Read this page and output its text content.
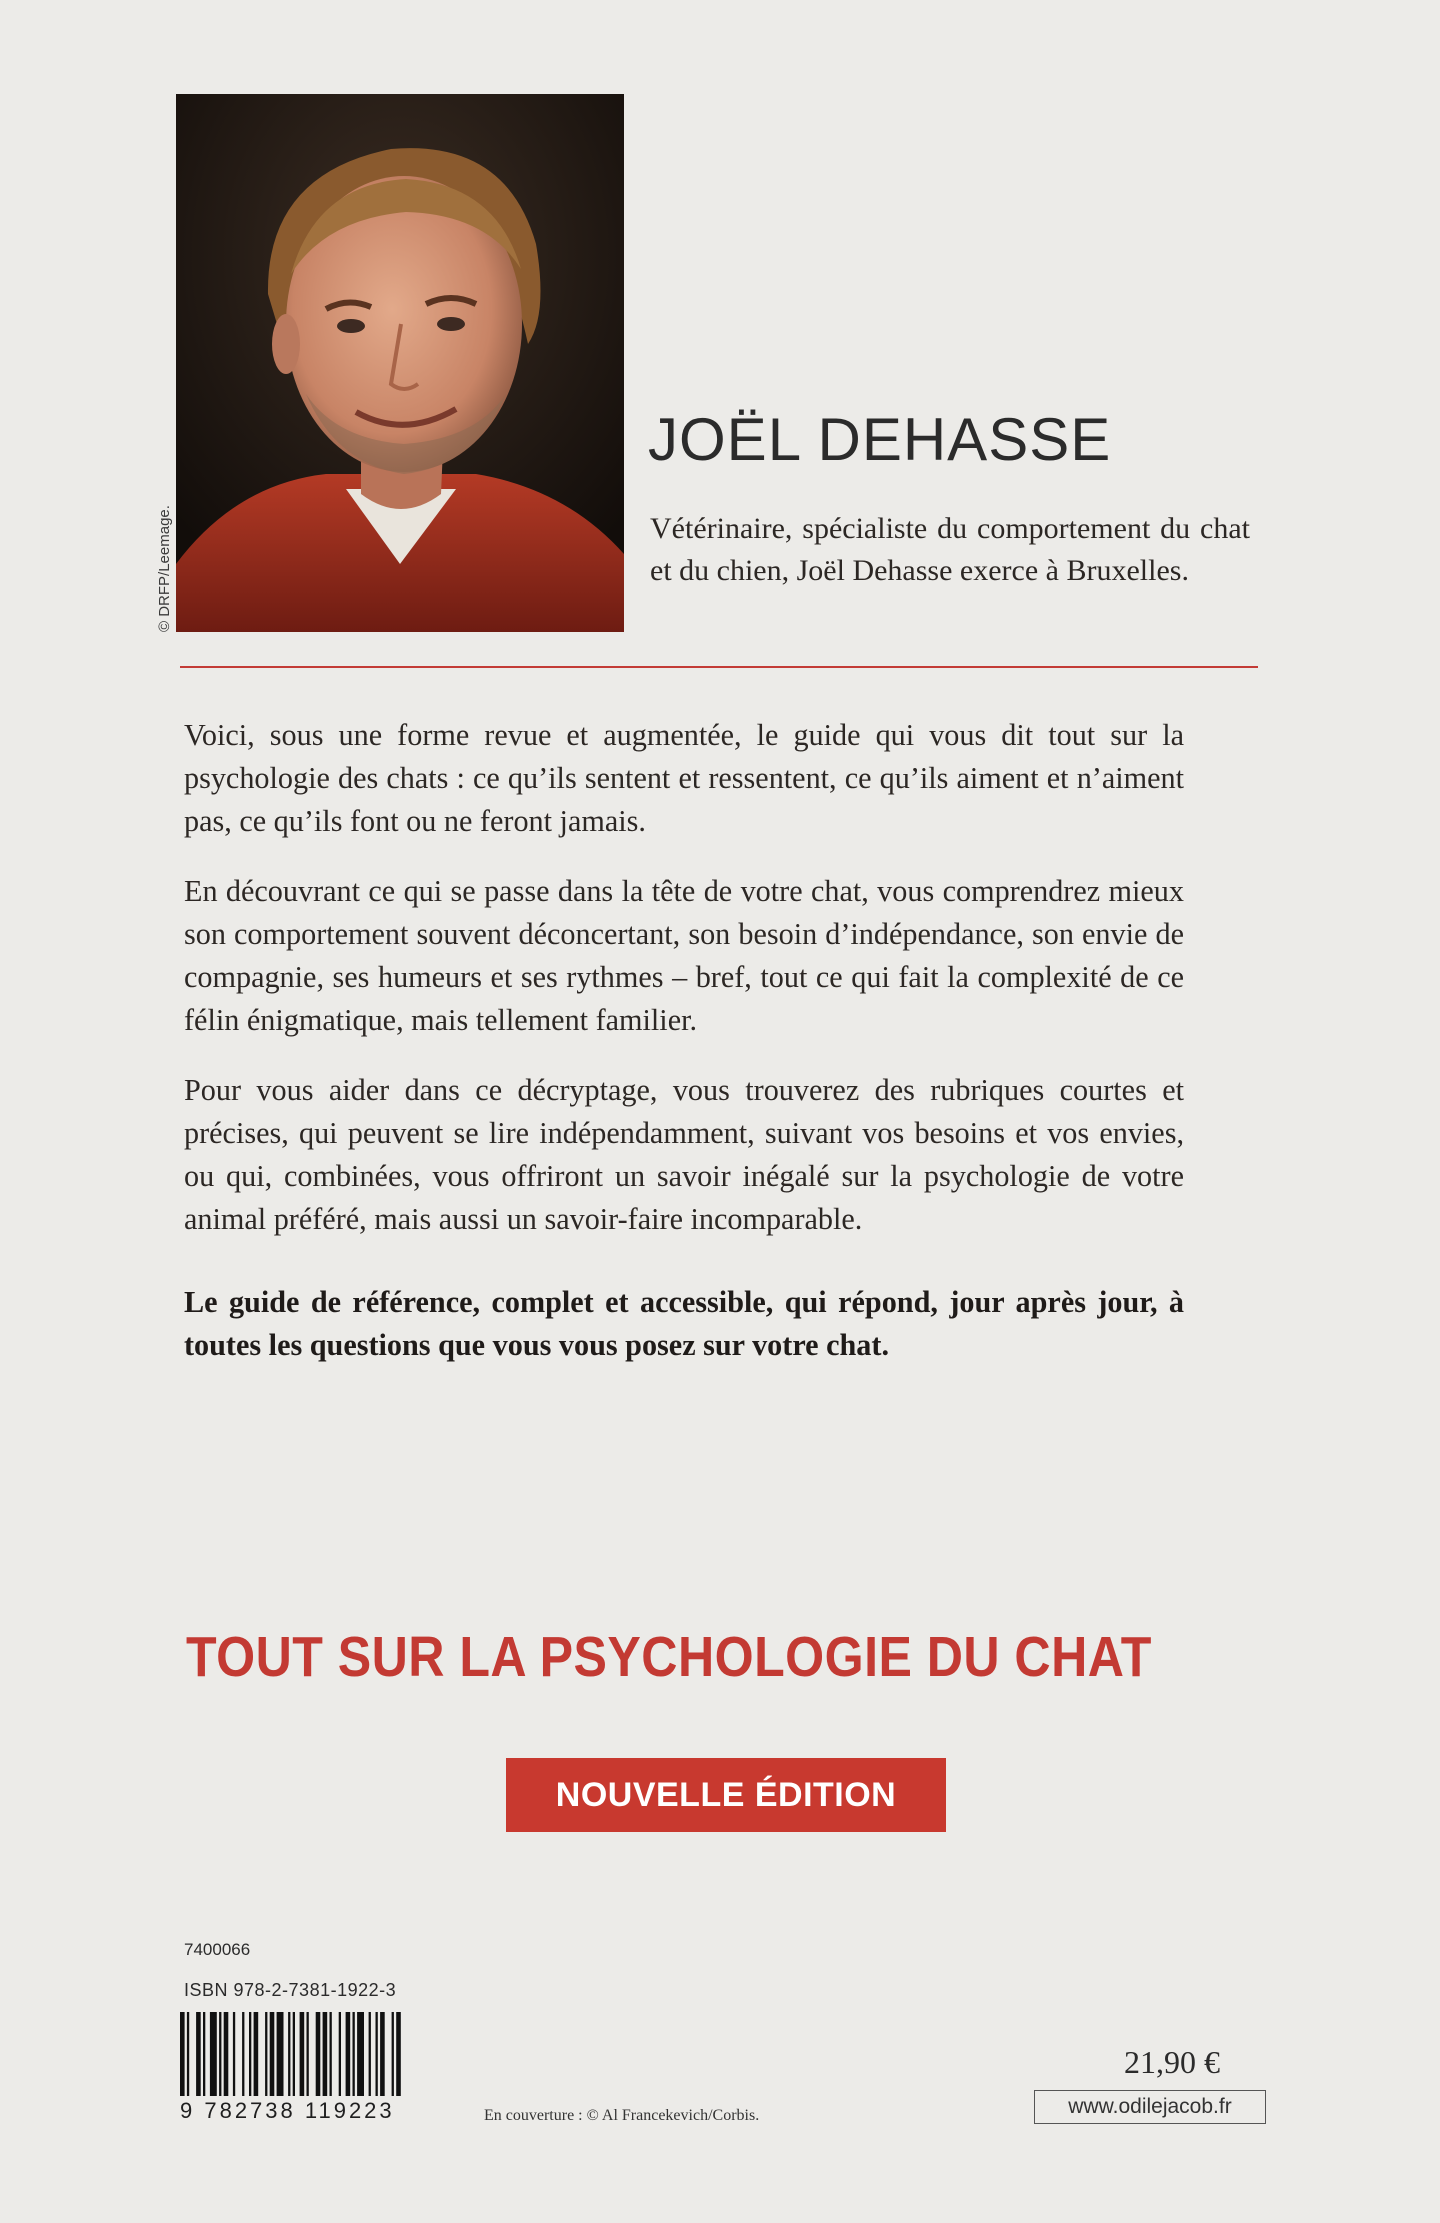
© DRFP/Leemage.
JOËL DEHASSE
Vétérinaire, spécialiste du comportement du chat et du chien, Joël Dehasse exerce à Bruxelles.

Voici, sous une forme revue et augmentée, le guide qui vous dit tout sur la psychologie des chats : ce qu’ils sentent et ressentent, ce qu’ils aiment et n’aiment pas, ce qu’ils font ou ne feront jamais.

En découvrant ce qui se passe dans la tête de votre chat, vous comprendrez mieux son comportement souvent déconcertant, son besoin d’indépendance, son envie de compagnie, ses humeurs et ses rythmes – bref, tout ce qui fait la complexité de ce félin énigmatique, mais tellement familier.

Pour vous aider dans ce décryptage, vous trouverez des rubriques courtes et précises, qui peuvent se lire indépendamment, suivant vos besoins et vos envies, ou qui, combinées, vous offriront un savoir inégalé sur la psychologie de votre animal préféré, mais aussi un savoir-faire incomparable.

Le guide de référence, complet et accessible, qui répond, jour après jour, à toutes les questions que vous vous posez sur votre chat.

TOUT SUR LA PSYCHOLOGIE DU CHAT
NOUVELLE ÉDITION
7400066
ISBN 978-2-7381-1922-3
9 782738 119223	En couverture : © Al Francekevich/Corbis.
21,90 €
www.odilejacob.fr
